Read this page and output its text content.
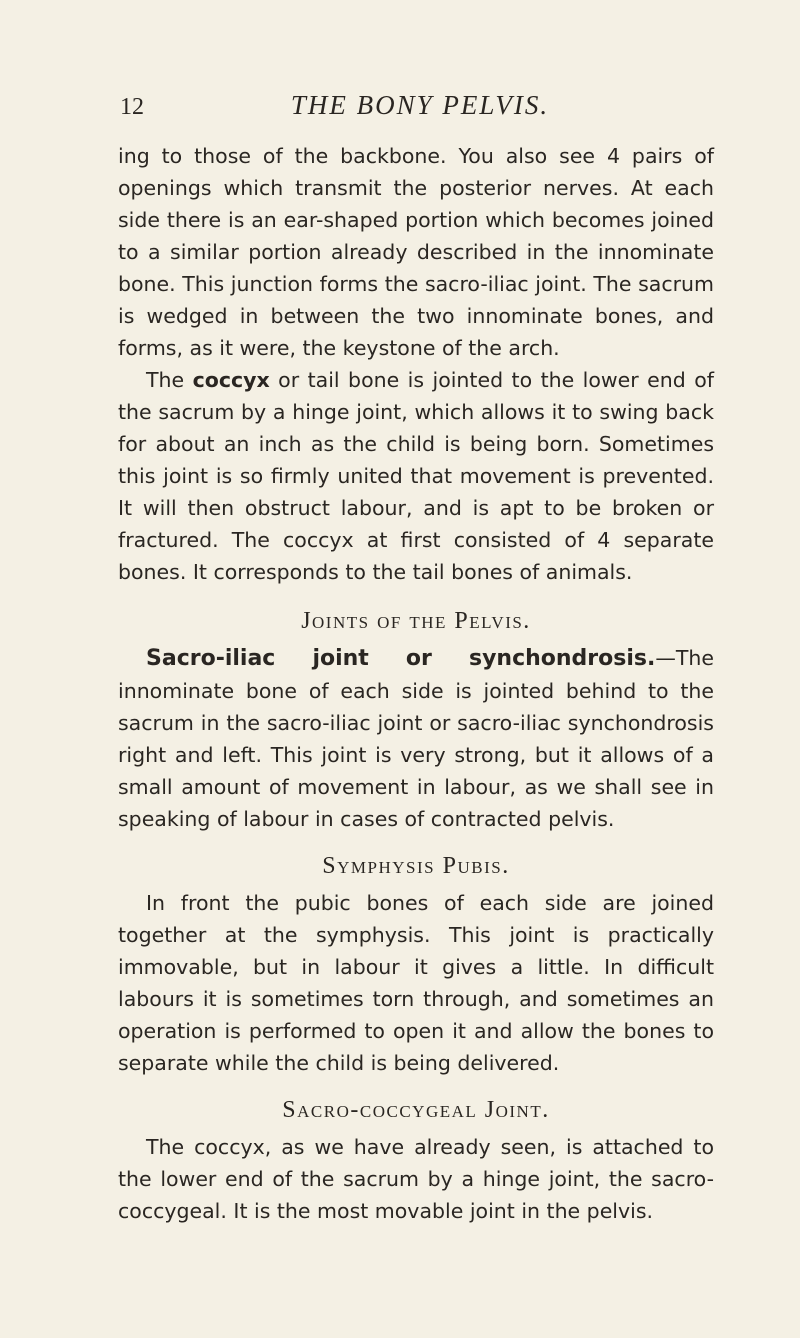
12	THE BONY PELVIS.

ing to those of the backbone. You also see 4 pairs of openings which transmit the posterior nerves. At each side there is an ear-shaped portion which becomes joined to a similar portion already described in the innominate bone. This junction forms the sacro-iliac joint. The sacrum is wedged in between the two innominate bones, and forms, as it were, the keystone of the arch.

The coccyx or tail bone is jointed to the lower end of the sacrum by a hinge joint, which allows it to swing back for about an inch as the child is being born. Sometimes this joint is so firmly united that movement is prevented. It will then obstruct labour, and is apt to be broken or fractured. The coccyx at first consisted of 4 separate bones. It corresponds to the tail bones of animals.

Joints of the Pelvis.

Sacro-iliac joint or synchondrosis.—The innominate bone of each side is jointed behind to the sacrum in the sacro-iliac joint or sacro-iliac synchondrosis right and left. This joint is very strong, but it allows of a small amount of movement in labour, as we shall see in speaking of labour in cases of contracted pelvis.

Symphysis Pubis.

In front the pubic bones of each side are joined together at the symphysis. This joint is practically immovable, but in labour it gives a little. In difficult labours it is sometimes torn through, and sometimes an operation is performed to open it and allow the bones to separate while the child is being delivered.

Sacro-coccygeal Joint.

The coccyx, as we have already seen, is attached to the lower end of the sacrum by a hinge joint, the sacro-coccygeal. It is the most movable joint in the pelvis.
